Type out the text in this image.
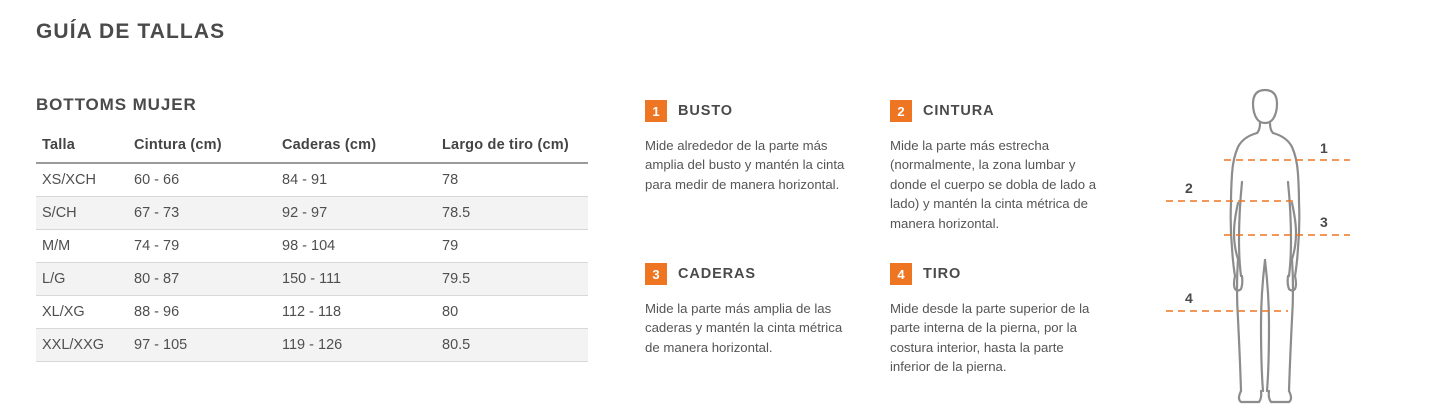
GUÍA DE TALLAS
BOTTOMS MUJER
Talla	Cintura (cm)	Caderas (cm)	Largo de tiro (cm)
XS/XCH	60 - 66	84 - 91	78
S/CH	67 - 73	92 - 97	78.5
M/M	74 - 79	98 - 104	79
L/G	80 - 87	150 - 111	79.5
XL/XG	88 - 96	112 - 118	80
XXL/XXG	97 - 105	119 - 126	80.5
1	BUSTO
Mide alrededor de la parte más amplia del busto y mantén la cinta para medir de manera horizontal.
2	CINTURA
Mide la parte más estrecha (normalmente, la zona lumbar y donde el cuerpo se dobla de lado a lado) y mantén la cinta métrica de manera horizontal.
3	CADERAS
Mide la parte más amplia de las caderas y mantén la cinta métrica de manera horizontal.
4	TIRO
Mide desde la parte superior de la parte interna de la pierna, por la costura interior, hasta la parte inferior de la pierna.
1
2
3
4
